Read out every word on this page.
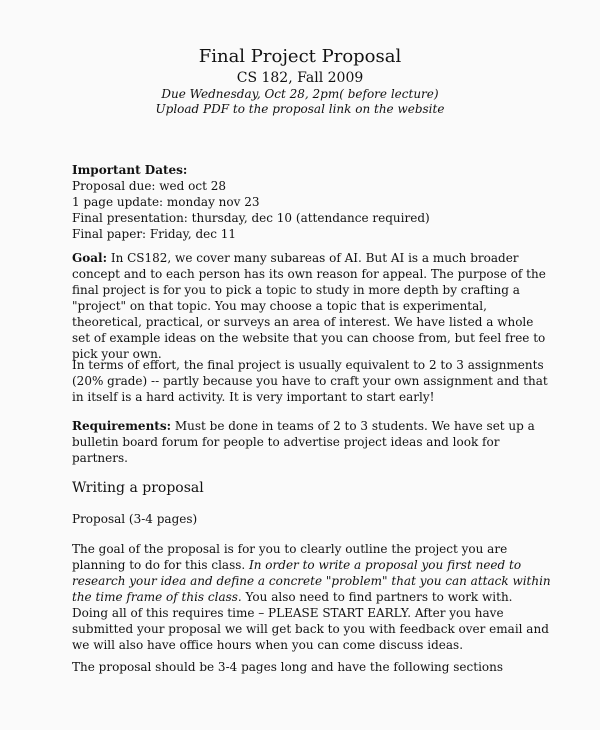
Final Project Proposal
CS 182, Fall 2009
Due Wednesday, Oct 28, 2pm( before lecture)
Upload PDF to the proposal link on the website
Important Dates:
Proposal due: wed oct 28
1 page update: monday nov 23
Final presentation: thursday, dec 10 (attendance required)
Final paper: Friday, dec 11

Goal: In CS182, we cover many subareas of AI. But AI is a much broader concept and to each person has its own reason for appeal. The purpose of the final project is for you to pick a topic to study in more depth by crafting a "project" on that topic. You may choose a topic that is experimental, theoretical, practical, or surveys an area of interest. We have listed a whole set of example ideas on the website that you can choose from, but feel free to pick your own.

In terms of effort, the final project is usually equivalent to 2 to 3 assignments (20% grade) -- partly because you have to craft your own assignment and that in itself is a hard activity. It is very important to start early!

Requirements: Must be done in teams of 2 to 3 students. We have set up a bulletin board forum for people to advertise project ideas and look for partners.

Writing a proposal

Proposal (3-4 pages)

The goal of the proposal is for you to clearly outline the project you are planning to do for this class. In order to write a proposal you first need to research your idea and define a concrete "problem" that you can attack within the time frame of this class. You also need to find partners to work with. Doing all of this requires time – PLEASE START EARLY. After you have submitted your proposal we will get back to you with feedback over email and we will also have office hours when you can come discuss ideas.

The proposal should be 3-4 pages long and have the following sections
